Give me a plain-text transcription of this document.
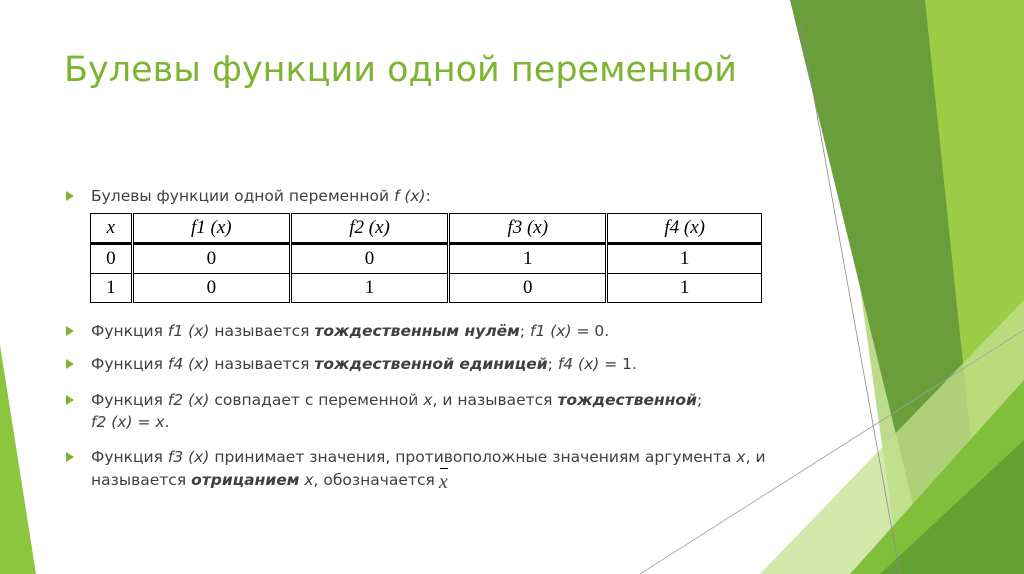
Булевы функции одной переменной
Булевы функции одной переменной f (x):
x	f1 (x)	f2 (x)	f3 (x)	f4 (x)
0	0	0	1	1
1	0	1	0	1
Функция f1 (x) называется тождественным нулём; f1 (x) = 0.
Функция f4 (x) называется тождественной единицей; f4 (x) = 1.
Функция f2 (x) совпадает с переменной x, и называется тождественной;
f2 (x) = x.
Функция f3 (x) принимает значения, противоположные значениям аргумента x, и называется отрицанием x, обозначается x
